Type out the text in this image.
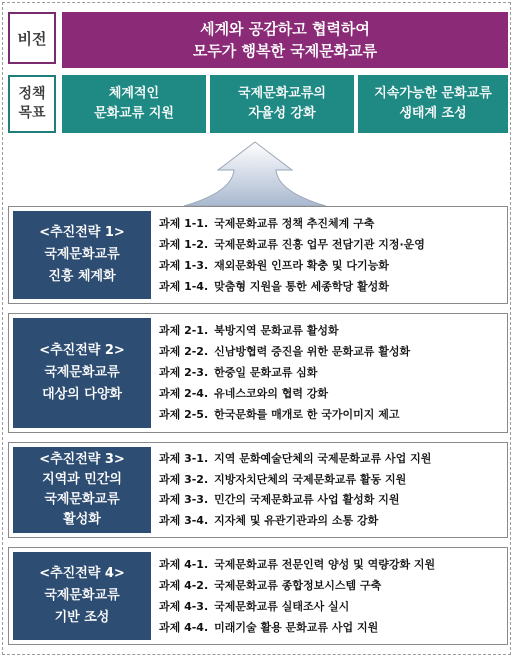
비전
세계와 공감하고 협력하여
모두가 행복한 국제문화교류
정책
목표
체계적인
문화교류 지원
국제문화교류의
자율성 강화
지속가능한 문화교류
생태계 조성
<추진전략 1>
국제문화교류
진흥 체계화
과제 1-1. 국제문화교류 정책 추진체계 구축
과제 1-2. 국제문화교류 진흥 업무 전담기관 지정·운영
과제 1-3. 재외문화원 인프라 확충 및 다기능화
과제 1-4. 맞춤형 지원을 통한 세종학당 활성화
<추진전략 2>
국제문화교류
대상의 다양화
과제 2-1. 북방지역 문화교류 활성화
과제 2-2. 신남방협력 증진을 위한 문화교류 활성화
과제 2-3. 한중일 문화교류 심화
과제 2-4. 유네스코와의 협력 강화
과제 2-5. 한국문화를 매개로 한 국가이미지 제고
<추진전략 3>
지역과 민간의
국제문화교류
활성화
과제 3-1. 지역 문화예술단체의 국제문화교류 사업 지원
과제 3-2. 지방자치단체의 국제문화교류 활동 지원
과제 3-3. 민간의 국제문화교류 사업 활성화 지원
과제 3-4. 지자체 및 유관기관과의 소통 강화
<추진전략 4>
국제문화교류
기반 조성
과제 4-1. 국제문화교류 전문인력 양성 및 역량강화 지원
과제 4-2. 국제문화교류 종합정보시스템 구축
과제 4-3. 국제문화교류 실태조사 실시
과제 4-4. 미래기술 활용 문화교류 사업 지원
